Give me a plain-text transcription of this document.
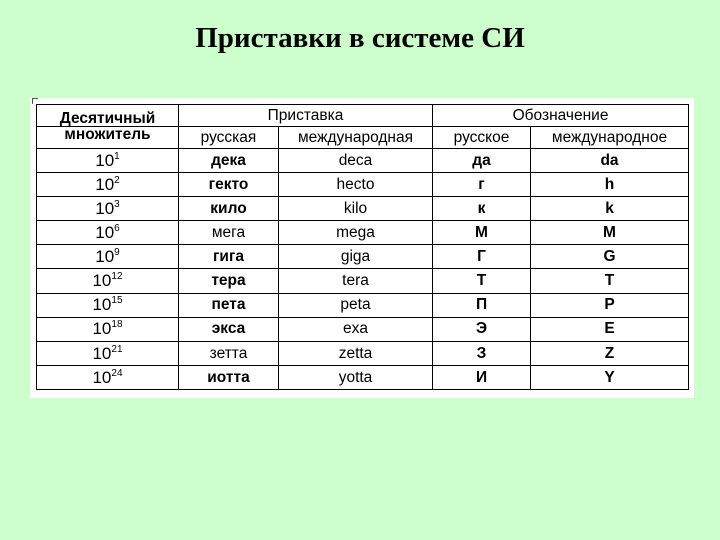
Приставки в системе СИ
Десятичный	Приставка		Обозначение	
множитель	русская	международная	русское	международное
$10^1$	дека	deca	да	da
$10^2$	гекто	hecto	г	h
$10^3$	кило	kilo	к	k
$10^6$	мега	mega	М	M
$10^9$	гига	giga	Г	G
$10^{12}$	тера	tera	Т	T
$10^{15}$	пета	peta	П	P
$10^{18}$	экса	exa	Э	E
$10^{21}$	зетта	zetta	З	Z
$10^{24}$	иотта	yotta	И	Y
